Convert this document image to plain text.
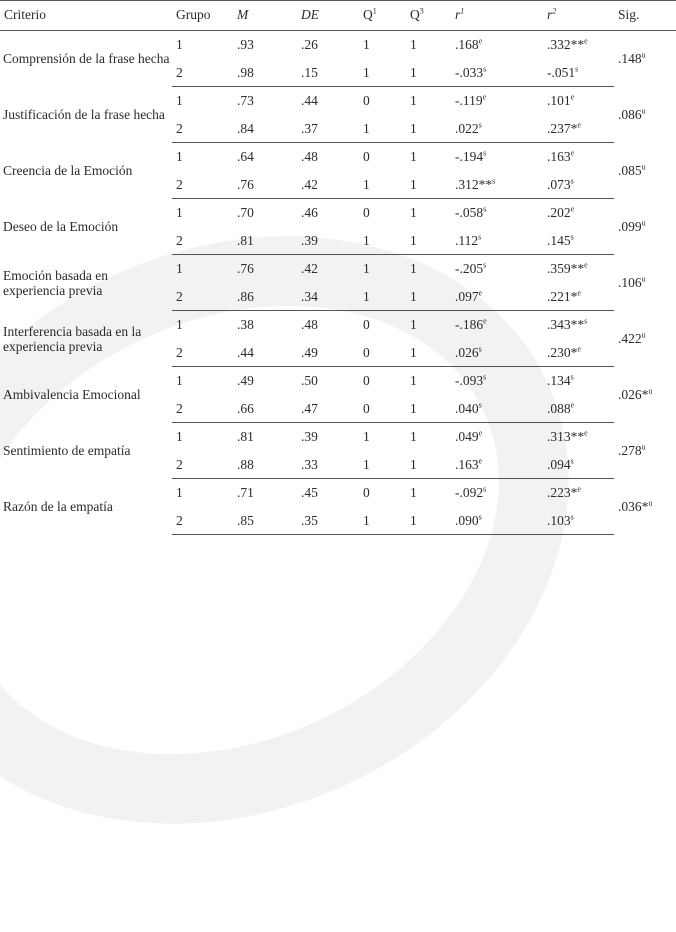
Criterio	Grupo	M	DE	$Q^1$	$Q^3$	$r^1$	$r^2$	Sig.
Comprensión de la frase hecha	1	.93	.26	1	1	.168e	.332**$^e$	.148$^u$
	2	.98	.15	1	1	-.033$^s$	-.051$^s$
Justificación de la frase hecha	1	.73	.44	0	1	-.119e	.101e	.086$^u$
	2	.84	.37	1	1	.022$^s$	.237*$^e$
Creencia de la Emoción	1	.64	.48	0	1	-.194$^s$	.163e	.085$^u$
	2	.76	.42	1	1	.312**$^s$	.073$^s$
Deseo de la Emoción	1	.70	.46	0	1	-.058$^s$	.202e	.099$^u$
	2	.81	.39	1	1	.112$^s$	.145$^s$
Emoción basada en experiencia previa	1	.76	.42	1	1	-.205$^s$	.359**$^e$	.106$^u$
	2	.86	.34	1	1	.097e	.221*$^e$
Interferencia basada en la experiencia previa	1	.38	.48	0	1	-.186e	.343**$^s$	.422$^u$
	2	.44	.49	0	1	.026$^s$	.230*$^e$
Ambivalencia Emocional	1	.49	.50	0	1	-.093$^s$	.134$^s$	.026*$^u$
	2	.66	.47	0	1	.040$^s$	.088e
Sentimiento de empatía	1	.81	.39	1	1	.049e	.313**$^e$	.278$^u$
	2	.88	.33	1	1	.163e	.094$^s$
Razón de la empatía	1	.71	.45	0	1	-.092$^s$	.223*$^e$	.036*$^u$
	2	.85	.35	1	1	.090$^s$	.103$^s$
